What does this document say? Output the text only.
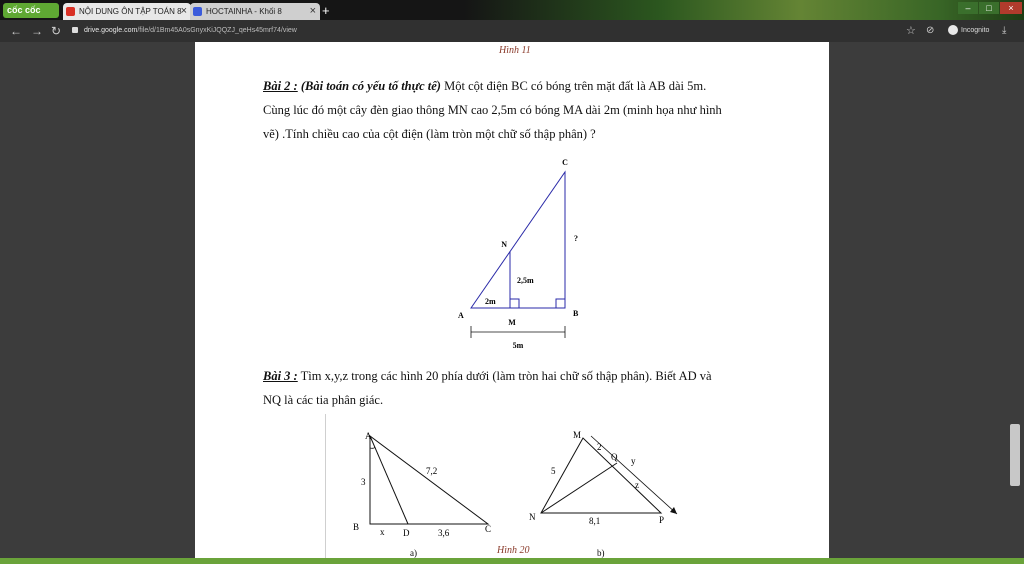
cốc cốc	NỘI DUNG ÔN TẬP TOÁN 8 ×	HOCTAINHA - Khối 8	× +	–	□	×
← → ↻	drive.google.com/file/d/1Bm45A0sGnyxKiJQQZJ_qeHs45mrf74/view	☆ ⊘	Incognito ⤓
Hình 11
Bài 2 : (Bài toán có yếu tố thực tế) Một cột điện BC có bóng trên mặt đất là AB dài 5m.
Cùng lúc đó một cây đèn giao thông MN cao 2,5m có bóng MA dài 2m (minh họa như hình
vẽ) .Tính chiều cao của cột điện (làm tròn một chữ số thập phân) ?
C
N
?
2,5m
2m
A	B
M
5m
Bài 3 : Tìm x,y,z trong các hình 20 phía dưới (làm tròn hai chữ số thập phân). Biết AD và
NQ là các tia phân giác.
A
B	C
D
3
7,2
x	3,6
a)	Hình 20
M
N	P
Q
2
y
z
5
8,1
b)
